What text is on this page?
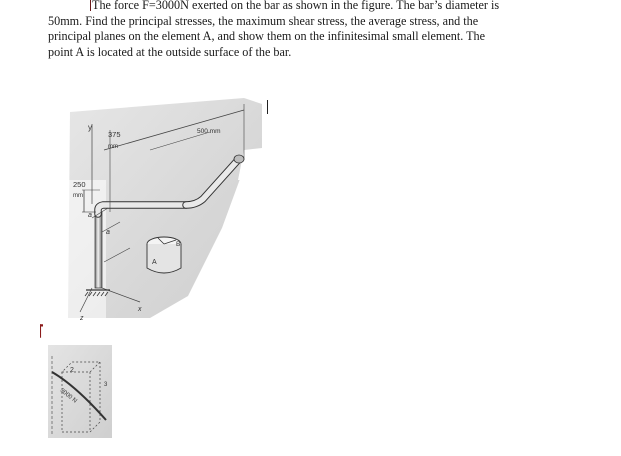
The force F=3000N exerted on the bar as shown in the figure. The bar’s diameter is
50mm. Find the principal stresses, the maximum shear stress, the average stress, and the
principal planes on the element A, and show them on the infinitesimal small element. The
point A is located at the outside surface of the bar.
y
375
mm
500 mm
250
mm
a
a
A
B
z
x
2
3
3000 N
